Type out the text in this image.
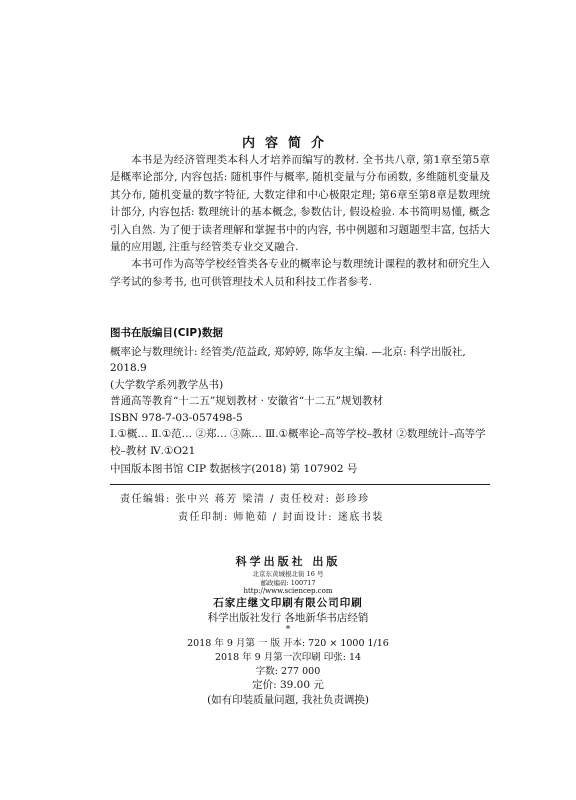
内容简介

本书是为经济管理类本科人才培养而编写的教材. 全书共八章, 第1章至第5章是概率论部分, 内容包括: 随机事件与概率, 随机变量与分布函数, 多维随机变量及其分布, 随机变量的数字特征, 大数定律和中心极限定理; 第6章至第8章是数理统计部分, 内容包括: 数理统计的基本概念, 参数估计, 假设检验. 本书简明易懂, 概念引入自然. 为了便于读者理解和掌握书中的内容, 书中例题和习题题型丰富, 包括大量的应用题, 注重与经管类专业交叉融合.

本书可作为高等学校经管类各专业的概率论与数理统计课程的教材和研究生入学考试的参考书, 也可供管理技术人员和科技工作者参考.

图书在版编目(CIP)数据
概率论与数理统计: 经管类/范益政, 郑婷婷, 陈华友主编. —北京: 科学出版社, 2018.9
(大学数学系列教学丛书)
普通高等教育“十二五”规划教材 · 安徽省“十二五”规划教材
ISBN 978-7-03-057498-5
Ⅰ.①概… Ⅱ.①范… ②郑… ③陈… Ⅲ.①概率论–高等学校–教材 ②数理统计–高等学校–教材 Ⅳ.①O21
中国版本图书馆 CIP 数据核字(2018) 第 107902 号
责任编辑: 张中兴 蒋芳 梁清 / 责任校对: 彭珍珍
责任印制: 师艳茹 / 封面设计: 迷底书装
科学出版社 出版
北京东黄城根北街 16 号
邮政编码: 100717
http://www.sciencep.com
石家庄继文印刷有限公司印刷
科学出版社发行 各地新华书店经销
*
2018 年 9 月第 一 版 开本: 720 × 1000 1/16
2018 年 9 月第一次印刷 印张: 14
字数: 277 000
定价: 39.00 元
(如有印装质量问题, 我社负责调换)
